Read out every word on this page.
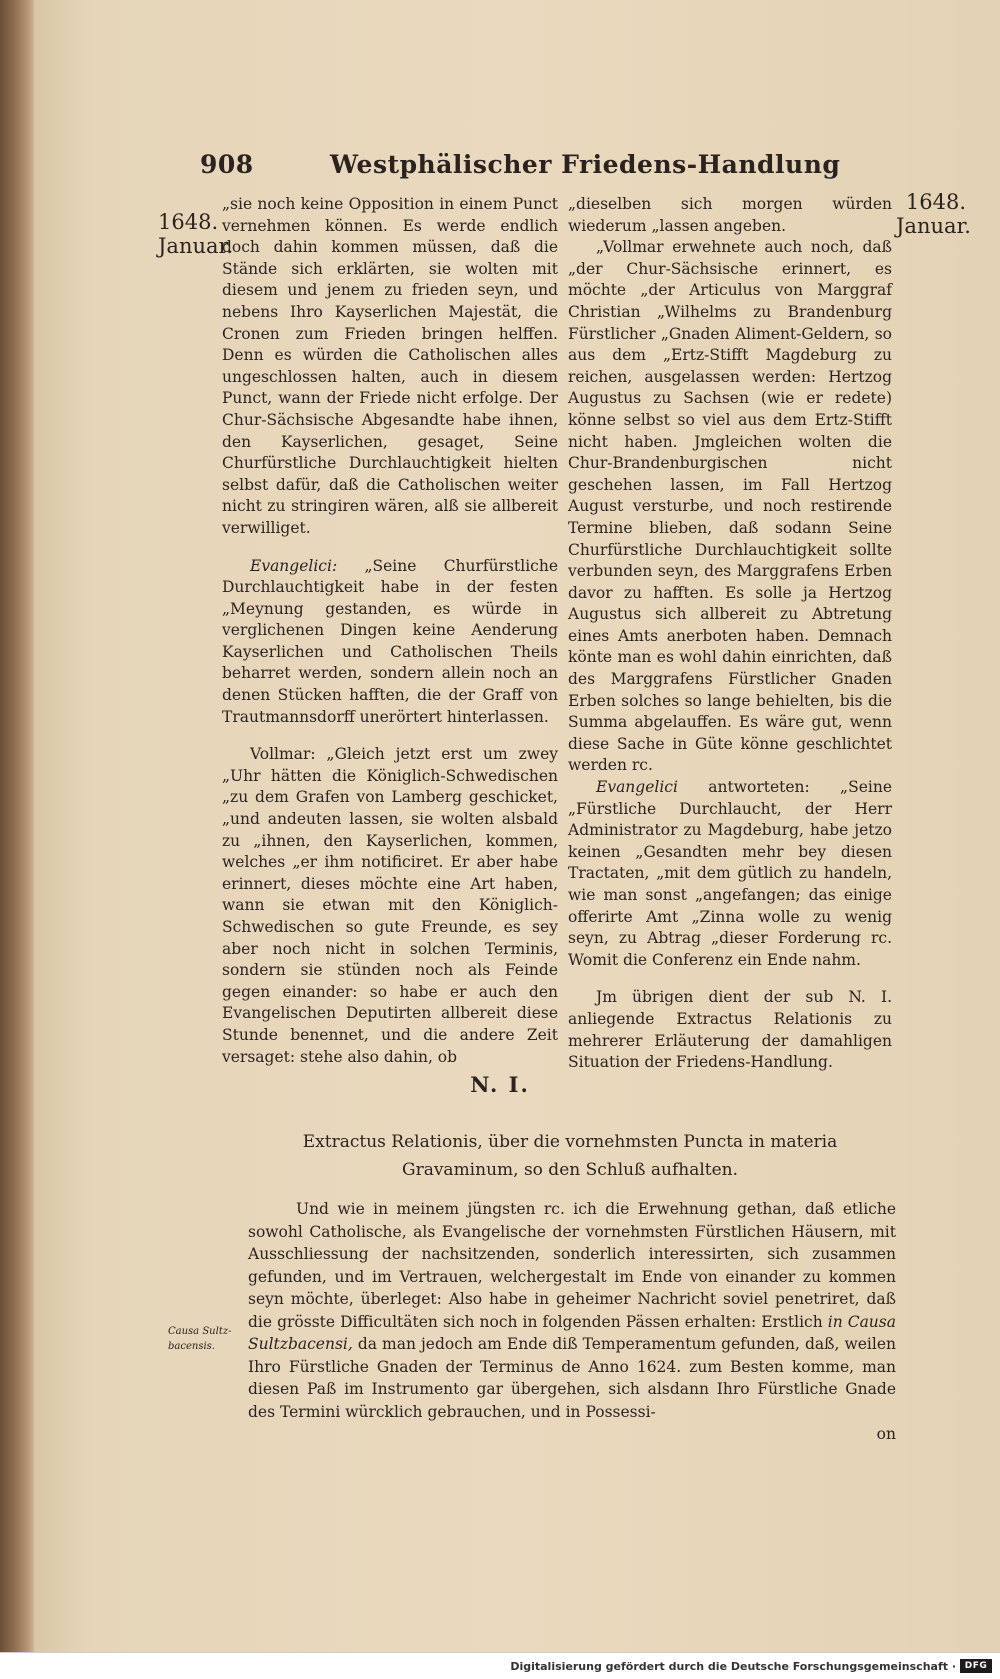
908	Westphälischer Friedens-Handlung
1648.
Januar.
1648.
Januar.

„sie noch keine Opposition in einem Punct vernehmen können. Es werde endlich doch dahin kommen müssen, daß die Stände sich erklärten, sie wolten mit diesem und jenem zu frieden seyn, und nebens Ihro Kayserlichen Majestät, die Cronen zum Frieden bringen helffen. Denn es würden die Catholischen alles ungeschlossen halten, auch in diesem Punct, wann der Friede nicht erfolge. Der Chur-Sächsische Abgesandte habe ihnen, den Kayserlichen, gesaget, Seine Churfürstliche Durchlauchtigkeit hielten selbst dafür, daß die Catholischen weiter nicht zu stringiren wären, alß sie allbereit verwilliget.

Evangelici: „Seine Churfürstliche Durchlauchtigkeit habe in der festen „Meynung gestanden, es würde in verglichenen Dingen keine Aenderung Kayserlichen und Catholischen Theils beharret werden, sondern allein noch an denen Stücken hafften, die der Graff von Trautmannsdorff unerörtert hinterlassen.

Vollmar: „Gleich jetzt erst um zwey „Uhr hätten die Königlich-Schwedischen „zu dem Grafen von Lamberg geschicket, „und andeuten lassen, sie wolten alsbald zu „ihnen, den Kayserlichen, kommen, welches „er ihm notificiret. Er aber habe erinnert, dieses möchte eine Art haben, wann sie etwan mit den Königlich-Schwedischen so gute Freunde, es sey aber noch nicht in solchen Terminis, sondern sie stünden noch als Feinde gegen einander: so habe er auch den Evangelischen Deputirten allbereit diese Stunde benennet, und die andere Zeit versaget: stehe also dahin, ob

„dieselben sich morgen würden wiederum „lassen angeben.

„Vollmar erwehnete auch noch, daß „der Chur-Sächsische erinnert, es möchte „der Articulus von Marggraf Christian „Wilhelms zu Brandenburg Fürstlicher „Gnaden Aliment-Geldern, so aus dem „Ertz-Stifft Magdeburg zu reichen, ausgelassen werden: Hertzog Augustus zu Sachsen (wie er redete) könne selbst so viel aus dem Ertz-Stifft nicht haben. Jmgleichen wolten die Chur-Brandenburgischen nicht geschehen lassen, im Fall Hertzog August versturbe, und noch restirende Termine blieben, daß sodann Seine Churfürstliche Durchlauchtigkeit sollte verbunden seyn, des Marggrafens Erben davor zu hafften. Es solle ja Hertzog Augustus sich allbereit zu Abtretung eines Amts anerboten haben. Demnach könte man es wohl dahin einrichten, daß des Marggrafens Fürstlicher Gnaden Erben solches so lange behielten, bis die Summa abgelauffen. Es wäre gut, wenn diese Sache in Güte könne geschlichtet werden rc.

Evangelici antworteten: „Seine „Fürstliche Durchlaucht, der Herr Administrator zu Magdeburg, habe jetzo keinen „Gesandten mehr bey diesen Tractaten, „mit dem gütlich zu handeln, wie man sonst „angefangen; das einige offerirte Amt „Zinna wolle zu wenig seyn, zu Abtrag „dieser Forderung rc. Womit die Conferenz ein Ende nahm.

Jm übrigen dient der sub N. I. anliegende Extractus Relationis zu mehrerer Erläuterung der damahligen Situation der Friedens-Handlung.

N. I.
Extractus Relationis, über die vornehmsten Puncta in materia Gravaminum, so den Schluß aufhalten.
Causa Sultz-bacensis.

Und wie in meinem jüngsten rc. ich die Erwehnung gethan, daß etliche sowohl Catholische, als Evangelische der vornehmsten Fürstlichen Häusern, mit Ausschliessung der nachsitzenden, sonderlich interessirten, sich zusammen gefunden, und im Vertrauen, welchergestalt im Ende von einander zu kommen seyn möchte, überleget: Also habe in geheimer Nachricht soviel penetriret, daß die grösste Difficultäten sich noch in folgenden Pässen erhalten: Erstlich in Causa Sultzbacensi, da man jedoch am Ende diß Temperamentum gefunden, daß, weilen Ihro Fürstliche Gnaden der Terminus de Anno 1624. zum Besten komme, man diesen Paß im Instrumento gar übergehen, sich alsdann Ihro Fürstliche Gnade des Termini würcklich gebrauchen, und in Possessi-

on
Digitalisierung gefördert durch die Deutsche Forschungsgemeinschaft · DFG
